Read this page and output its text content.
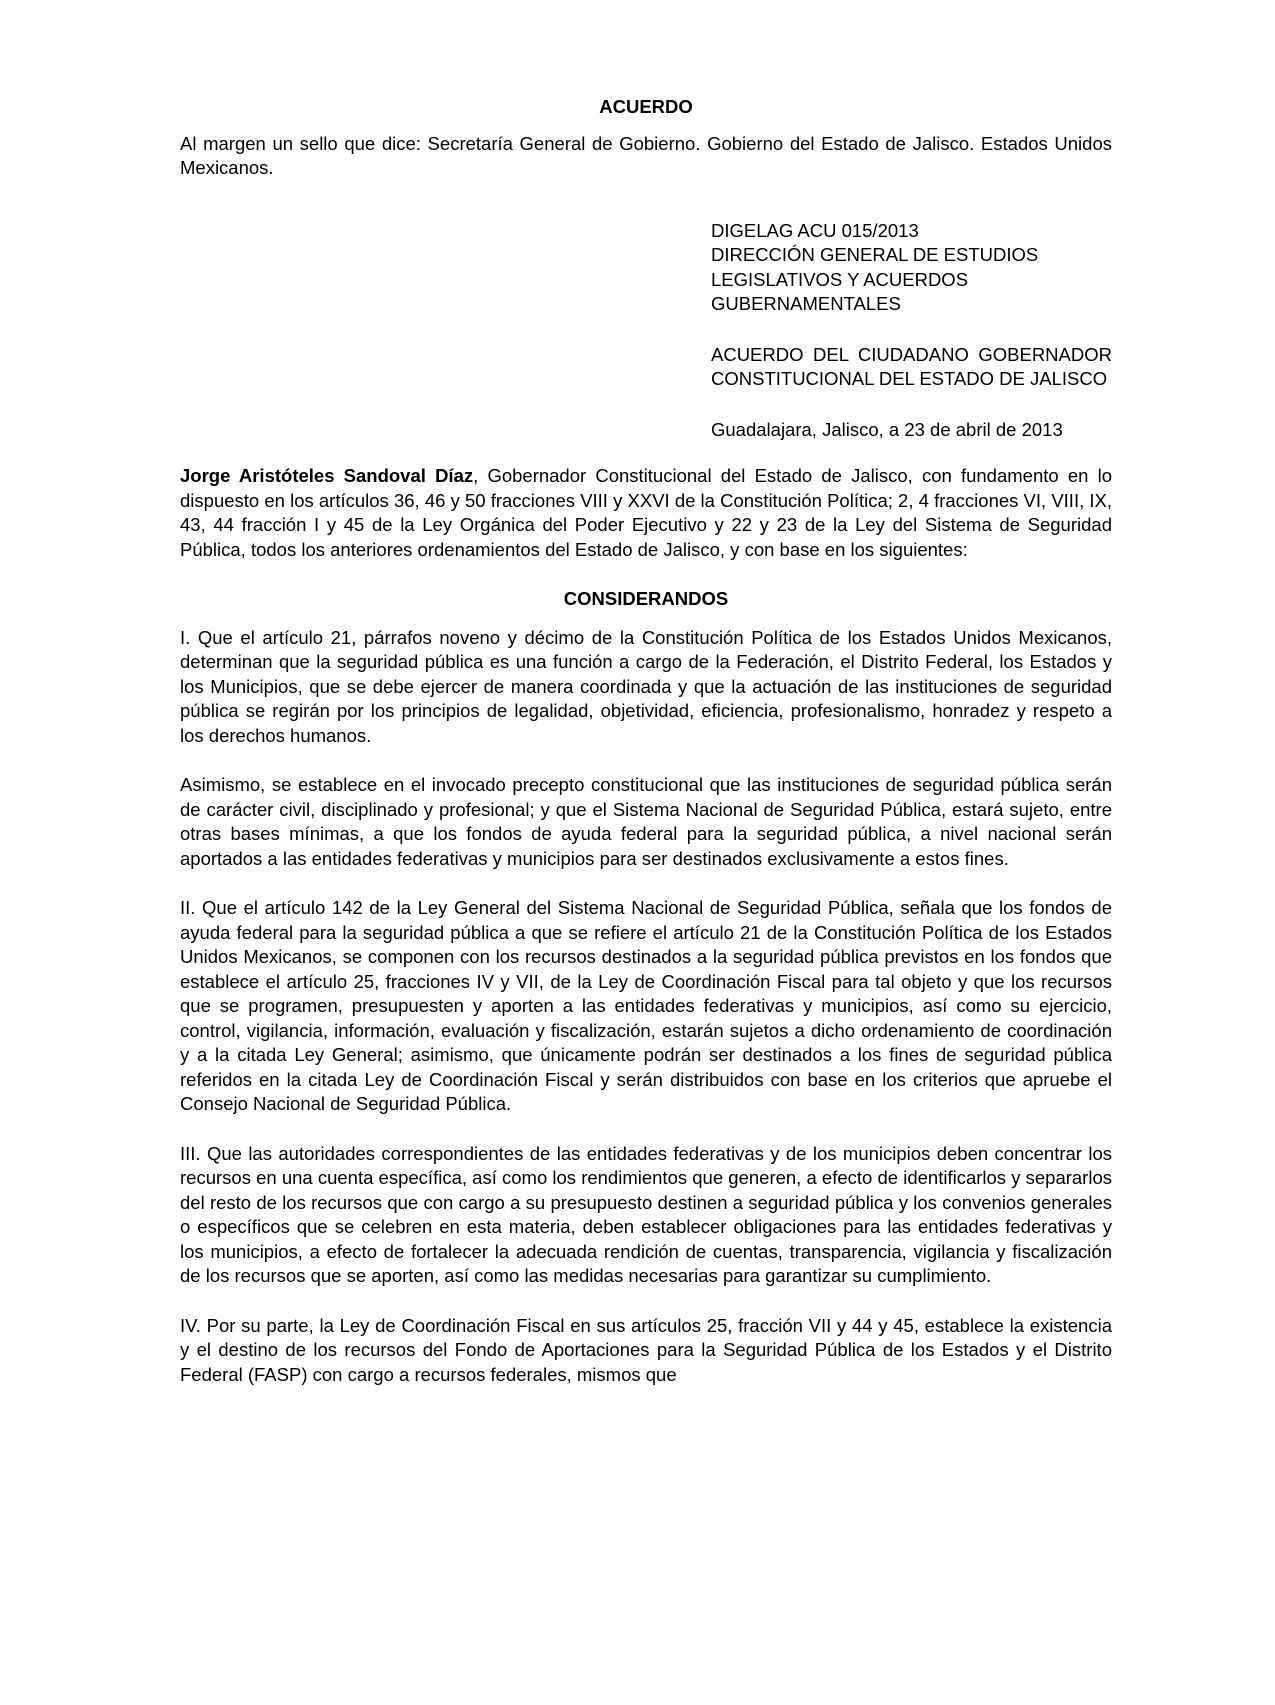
ACUERDO

Al margen un sello que dice: Secretaría General de Gobierno. Gobierno del Estado de Jalisco. Estados Unidos Mexicanos.

DIGELAG ACU 015/2013

DIRECCIÓN GENERAL DE ESTUDIOS LEGISLATIVOS Y ACUERDOS GUBERNAMENTALES

ACUERDO DEL CIUDADANO GOBERNADOR CONSTITUCIONAL DEL ESTADO DE JALISCO

Guadalajara, Jalisco, a 23 de abril de 2013

Jorge Aristóteles Sandoval Díaz, Gobernador Constitucional del Estado de Jalisco, con fundamento en lo dispuesto en los artículos 36, 46 y 50 fracciones VIII y XXVI de la Constitución Política; 2, 4 fracciones VI, VIII, IX, 43, 44 fracción I y 45 de la Ley Orgánica del Poder Ejecutivo y 22 y 23 de la Ley del Sistema de Seguridad Pública, todos los anteriores ordenamientos del Estado de Jalisco, y con base en los siguientes:

CONSIDERANDOS

I. Que el artículo 21, párrafos noveno y décimo de la Constitución Política de los Estados Unidos Mexicanos, determinan que la seguridad pública es una función a cargo de la Federación, el Distrito Federal, los Estados y los Municipios, que se debe ejercer de manera coordinada y que la actuación de las instituciones de seguridad pública se regirán por los principios de legalidad, objetividad, eficiencia, profesionalismo, honradez y respeto a los derechos humanos.

Asimismo, se establece en el invocado precepto constitucional que las instituciones de seguridad pública serán de carácter civil, disciplinado y profesional; y que el Sistema Nacional de Seguridad Pública, estará sujeto, entre otras bases mínimas, a que los fondos de ayuda federal para la seguridad pública, a nivel nacional serán aportados a las entidades federativas y municipios para ser destinados exclusivamente a estos fines.

II. Que el artículo 142 de la Ley General del Sistema Nacional de Seguridad Pública, señala que los fondos de ayuda federal para la seguridad pública a que se refiere el artículo 21 de la Constitución Política de los Estados Unidos Mexicanos, se componen con los recursos destinados a la seguridad pública previstos en los fondos que establece el artículo 25, fracciones IV y VII, de la Ley de Coordinación Fiscal para tal objeto y que los recursos que se programen, presupuesten y aporten a las entidades federativas y municipios, así como su ejercicio, control, vigilancia, información, evaluación y fiscalización, estarán sujetos a dicho ordenamiento de coordinación y a la citada Ley General; asimismo, que únicamente podrán ser destinados a los fines de seguridad pública referidos en la citada Ley de Coordinación Fiscal y serán distribuidos con base en los criterios que apruebe el Consejo Nacional de Seguridad Pública.

III. Que las autoridades correspondientes de las entidades federativas y de los municipios deben concentrar los recursos en una cuenta específica, así como los rendimientos que generen, a efecto de identificarlos y separarlos del resto de los recursos que con cargo a su presupuesto destinen a seguridad pública y los convenios generales o específicos que se celebren en esta materia, deben establecer obligaciones para las entidades federativas y los municipios, a efecto de fortalecer la adecuada rendición de cuentas, transparencia, vigilancia y fiscalización de los recursos que se aporten, así como las medidas necesarias para garantizar su cumplimiento.

IV. Por su parte, la Ley de Coordinación Fiscal en sus artículos 25, fracción VII y 44 y 45, establece la existencia y el destino de los recursos del Fondo de Aportaciones para la Seguridad Pública de los Estados y el Distrito Federal (FASP) con cargo a recursos federales, mismos que
